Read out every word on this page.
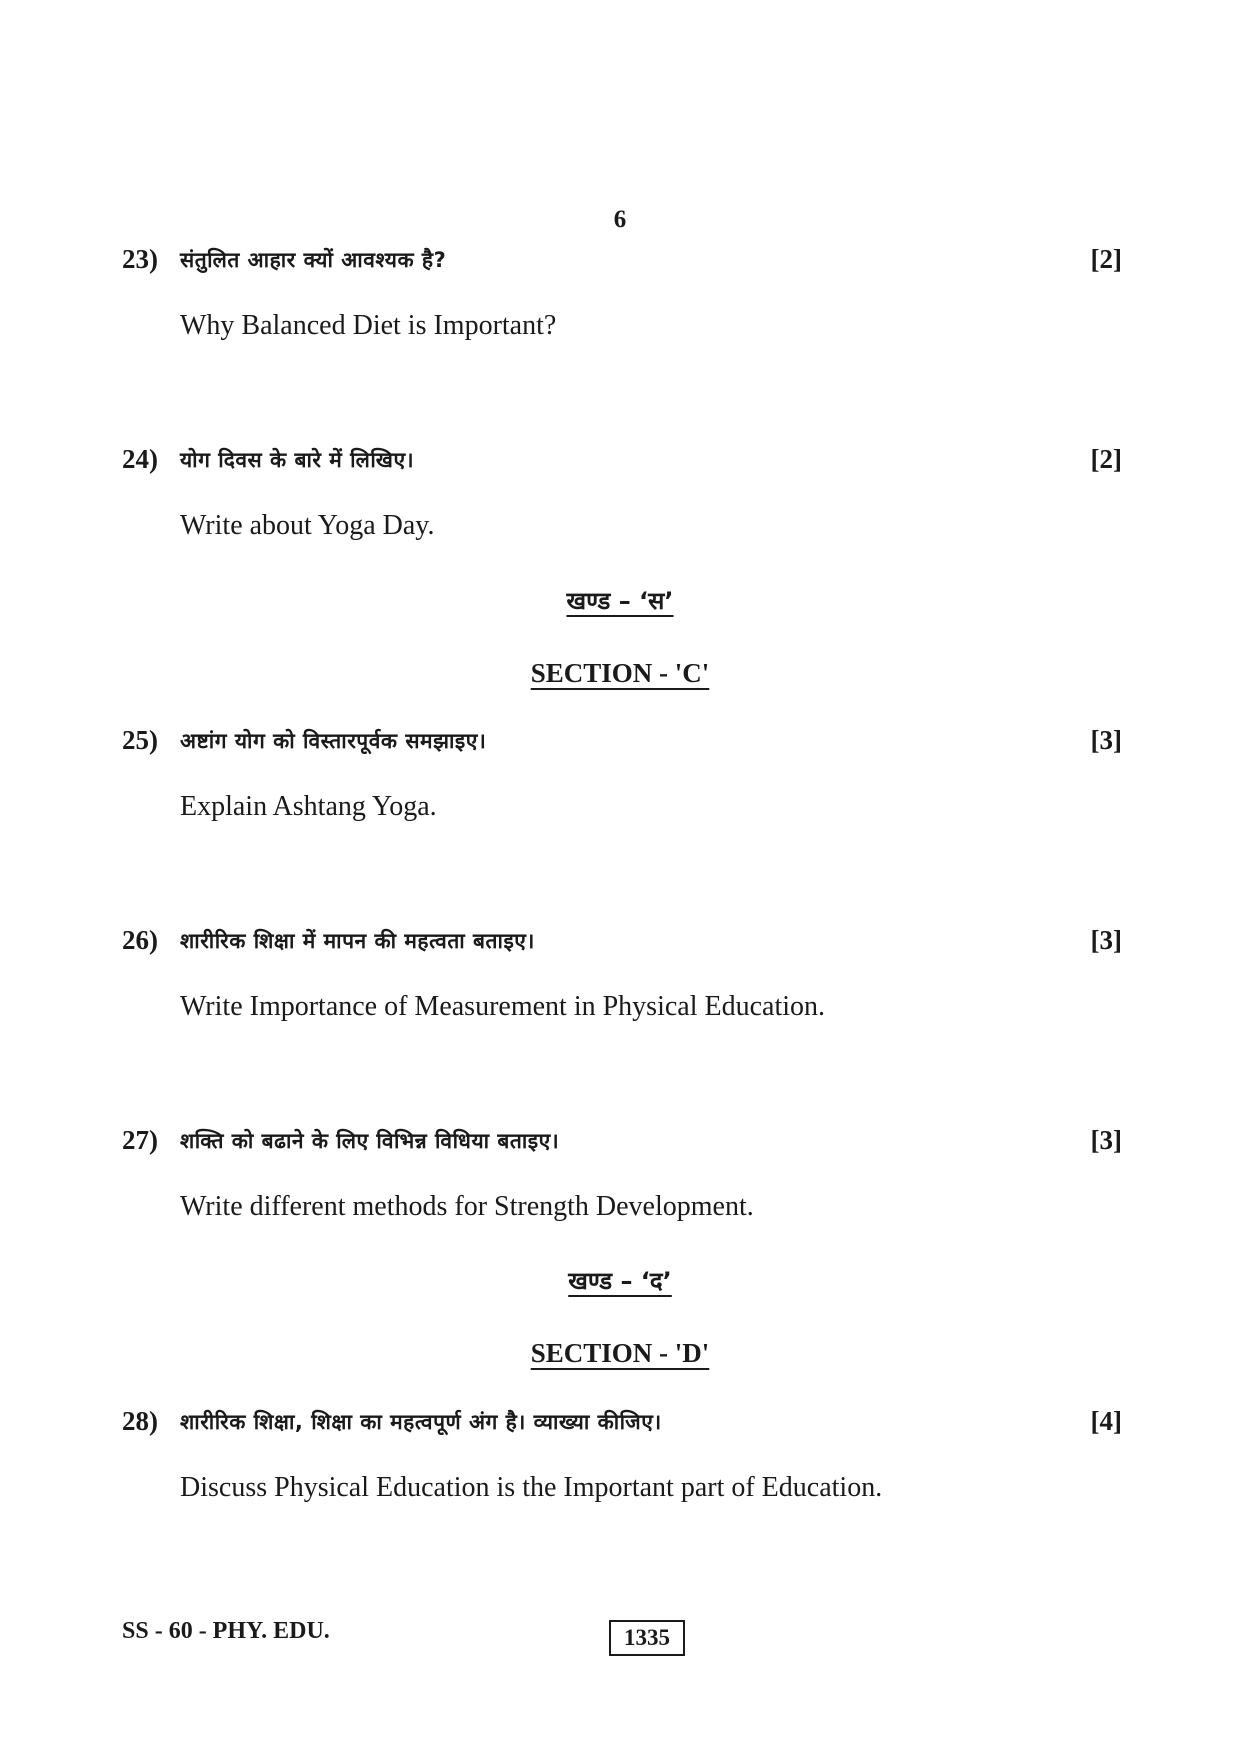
6
23) संतुलित आहार क्यों आवश्यक है?	[2]
Why Balanced Diet is Important?
24) योग दिवस के बारे में लिखिए।	[2]
Write about Yoga Day.
खण्ड – ‘स’
SECTION - 'C'
25) अष्टांग योग को विस्तारपूर्वक समझाइए।	[3]
Explain Ashtang Yoga.
26) शारीरिक शिक्षा में मापन की महत्वता बताइए।	[3]
Write Importance of Measurement in Physical Education.
27) शक्ति को बढाने के लिए विभिन्न विधिया बताइए।	[3]
Write different methods for Strength Development.
खण्ड – ‘द’
SECTION - 'D'
28) शारीरिक शिक्षा, शिक्षा का महत्वपूर्ण अंग है। व्याख्या कीजिए।	[4]
Discuss Physical Education is the Important part of Education.
SS - 60 - PHY. EDU.	1335
